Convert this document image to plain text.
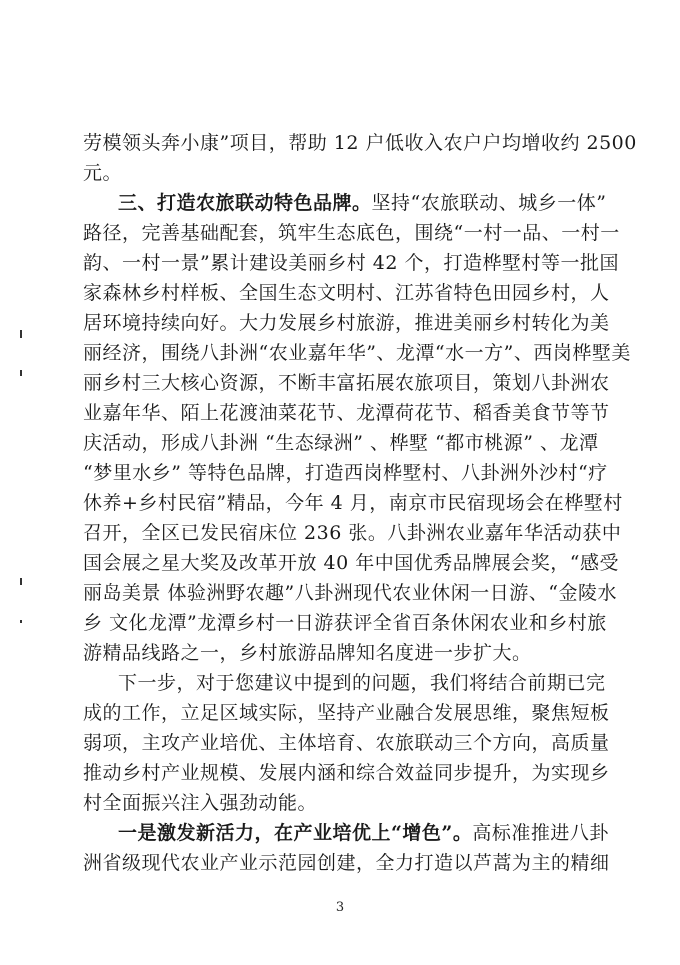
劳模领头奔小康”项目，帮助 12 户低收入农户户均增收约 2500
元。
三、打造农旅联动特色品牌。坚持“农旅联动、城乡一体”
路径，完善基础配套，筑牢生态底色，围绕“一村一品、一村一
韵、一村一景”累计建设美丽乡村 42 个，打造桦墅村等一批国
家森林乡村样板、全国生态文明村、江苏省特色田园乡村，人
居环境持续向好。大力发展乡村旅游，推进美丽乡村转化为美
丽经济，围绕八卦洲“农业嘉年华”、龙潭“水一方”、西岗桦墅美
丽乡村三大核心资源，不断丰富拓展农旅项目，策划八卦洲农
业嘉年华、陌上花渡油菜花节、龙潭荷花节、稻香美食节等节
庆活动，形成八卦洲 “生态绿洲” 、桦墅 “都市桃源” 、龙潭
“梦里水乡” 等特色品牌，打造西岗桦墅村、八卦洲外沙村“疗
休养+乡村民宿”精品，今年 4 月，南京市民宿现场会在桦墅村
召开，全区已发民宿床位 236 张。八卦洲农业嘉年华活动获中
国会展之星大奖及改革开放 40 年中国优秀品牌展会奖，“感受
丽岛美景 体验洲野农趣”八卦洲现代农业休闲一日游、“金陵水
乡 文化龙潭”龙潭乡村一日游获评全省百条休闲农业和乡村旅
游精品线路之一，乡村旅游品牌知名度进一步扩大。
下一步，对于您建议中提到的问题，我们将结合前期已完
成的工作，立足区域实际，坚持产业融合发展思维，聚焦短板
弱项，主攻产业培优、主体培育、农旅联动三个方向，高质量
推动乡村产业规模、发展内涵和综合效益同步提升，为实现乡
村全面振兴注入强劲动能。
一是激发新活力，在产业培优上“增色”。高标准推进八卦
洲省级现代农业产业示范园创建，全力打造以芦蒿为主的精细
3
